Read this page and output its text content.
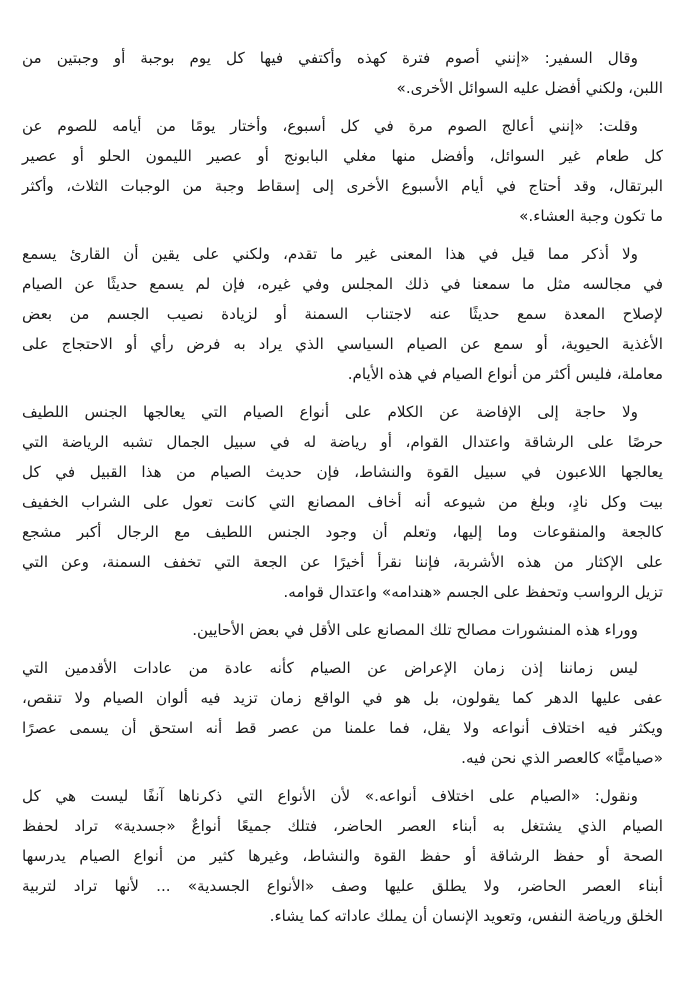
وقال السفير: «إنني أصوم فترة كهذه وأكتفي فيها كل يوم بوجبة أو وجبتين من
اللبن، ولكني أفضل عليه السوائل الأخرى.»
وقلت: «إنني أعالج الصوم مرة في كل أسبوع، وأختار يومًا من أيامه للصوم عن
كل طعام غير السوائل، وأفضل منها مغلي البابونج أو عصير الليمون الحلو أو عصير
البرتقال، وقد أحتاج في أيام الأسبوع الأخرى إلى إسقاط وجبة من الوجبات الثلاث، وأكثر
ما تكون وجبة العشاء.»
ولا أذكر مما قيل في هذا المعنى غير ما تقدم، ولكني على يقين أن القارئ يسمع
في مجالسه مثل ما سمعنا في ذلك المجلس وفي غيره، فإن لم يسمع حديثًا عن الصيام
لإصلاح المعدة سمع حديثًا عنه لاجتناب السمنة أو لزيادة نصيب الجسم من بعض
الأغذية الحيوية، أو سمع عن الصيام السياسي الذي يراد به فرض رأي أو الاحتجاج على
معاملة، فليس أكثر من أنواع الصيام في هذه الأيام.
ولا حاجة إلى الإفاضة عن الكلام على أنواع الصيام التي يعالجها الجنس اللطيف
حرصًا على الرشاقة واعتدال القوام، أو رياضة له في سبيل الجمال تشبه الرياضة التي
يعالجها اللاعبون في سبيل القوة والنشاط، فإن حديث الصيام من هذا القبيل في كل
بيت وكل نادٍ، وبلغ من شيوعه أنه أخاف المصانع التي كانت تعول على الشراب الخفيف
كالجعة والمنقوعات وما إليها، وتعلم أن وجود الجنس اللطيف مع الرجال أكبر مشجع
على الإكثار من هذه الأشربة، فإننا نقرأ أخيرًا عن الجعة التي تخفف السمنة، وعن التي
تزيل الرواسب وتحفظ على الجسم «هندامه» واعتدال قوامه.
ووراء هذه المنشورات مصالح تلك المصانع على الأقل في بعض الأحايين.
ليس زماننا إذن زمان الإعراض عن الصيام كأنه عادة من عادات الأقدمين التي
عفى عليها الدهر كما يقولون، بل هو في الواقع زمان تزيد فيه ألوان الصيام ولا تنقص،
ويكثر فيه اختلاف أنواعه ولا يقل، فما علمنا من عصر قط أنه استحق أن يسمى عصرًا
«صياميًّا» كالعصر الذي نحن فيه.
ونقول: «الصيام على اختلاف أنواعه.» لأن الأنواع التي ذكرناها آنفًا ليست هي كل
الصيام الذي يشتغل به أبناء العصر الحاضر، فتلك جميعًا أنواعٌ «جسدية» تراد لحفظ
الصحة أو حفظ الرشاقة أو حفظ القوة والنشاط، وغيرها كثير من أنواع الصيام يدرسها
أبناء العصر الحاضر، ولا يطلق عليها وصف «الأنواع الجسدية» ... لأنها تراد لتربية
الخلق ورياضة النفس، وتعويد الإنسان أن يملك عاداته كما يشاء.
